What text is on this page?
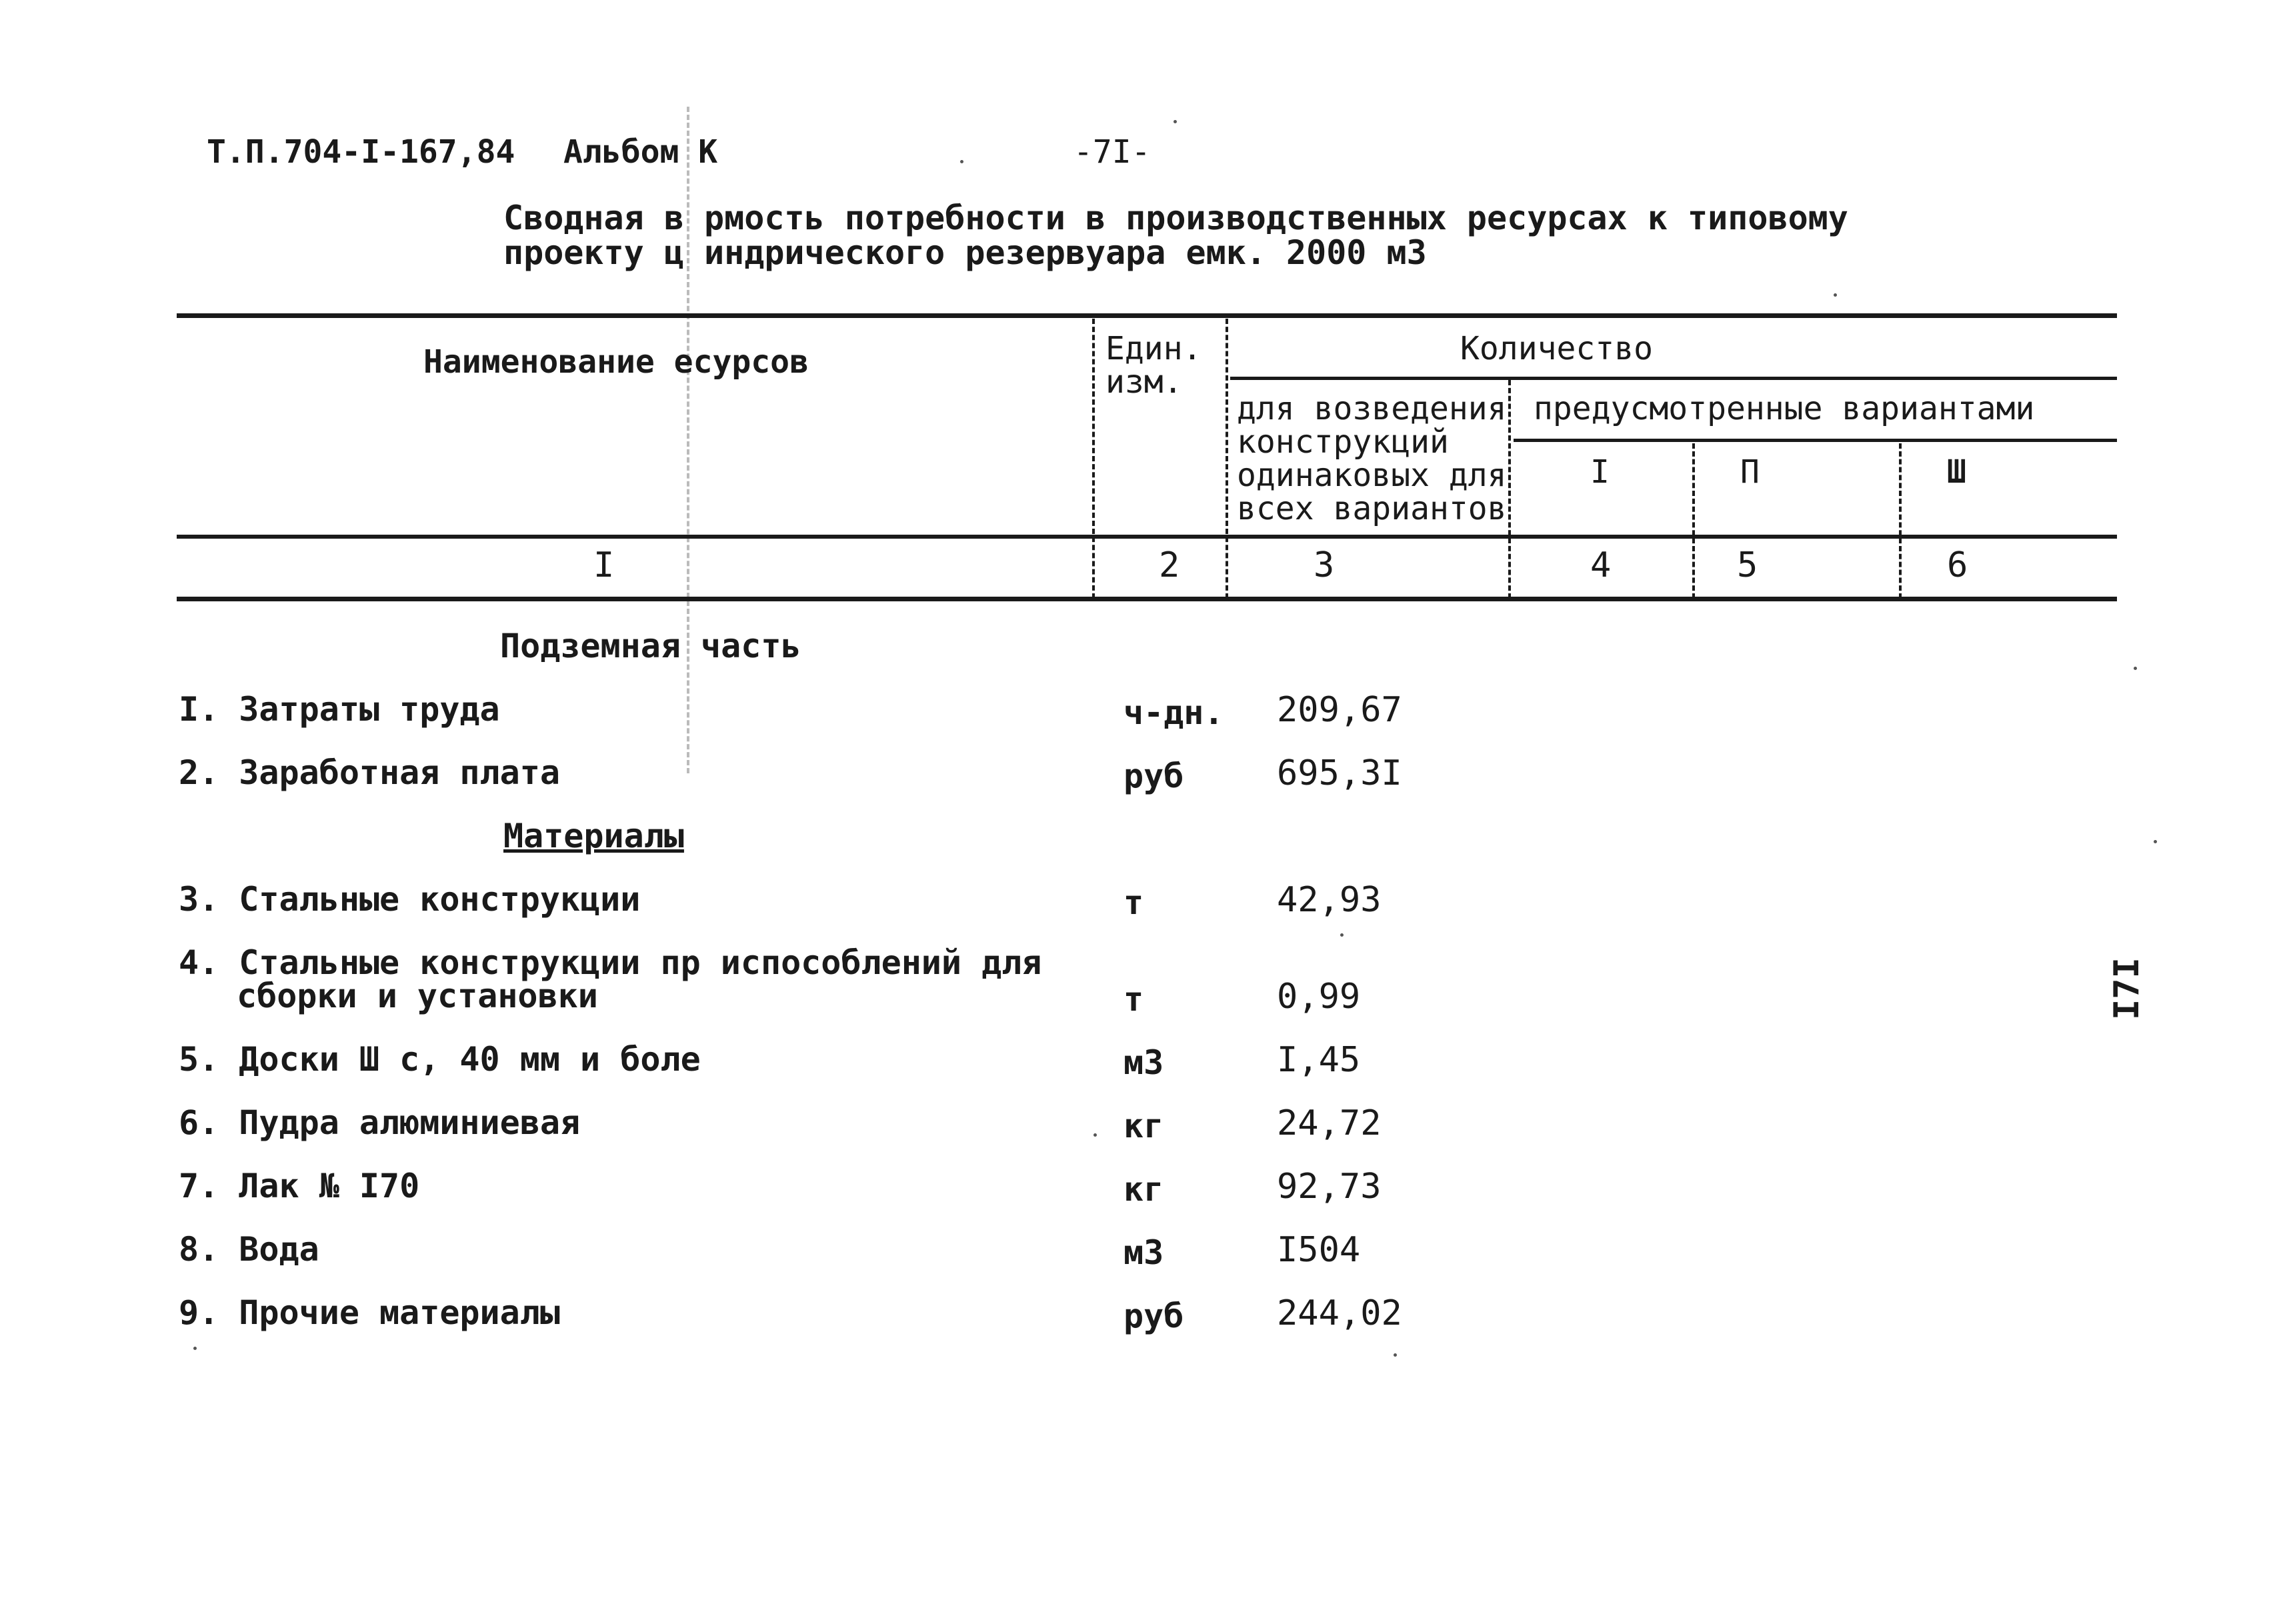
Т.П.704-I-167,84 Альбом К	-7I-
Сводная в рмость потребности в производственных ресурсах к типовому
проекту ц индрического резервуара емк. 2000 м3
Наименование есурсов	Един.
изм.
Количество
для возведения
конструкций
одинаковых для
всех вариантов
предусмотренные вариантами
I	П	Ш
I	2	3	4	5	6
Подземная часть
Материалы
I. Затраты труда	ч-дн. 209,67
2. Заработная плата	руб	695,3I
3. Стальные конструкции	т	42,93
4. Стальные конструкции пр испособлений для
сборки и установки	т	0,99
5. Доски Ш с, 40 мм и боле	м3	I,45
6. Пудра алюминиевая	кг	24,72
7. Лак № I70	кг	92,73
8. Вода	м3	I504
9. Прочие материалы	руб	244,02
I7I
